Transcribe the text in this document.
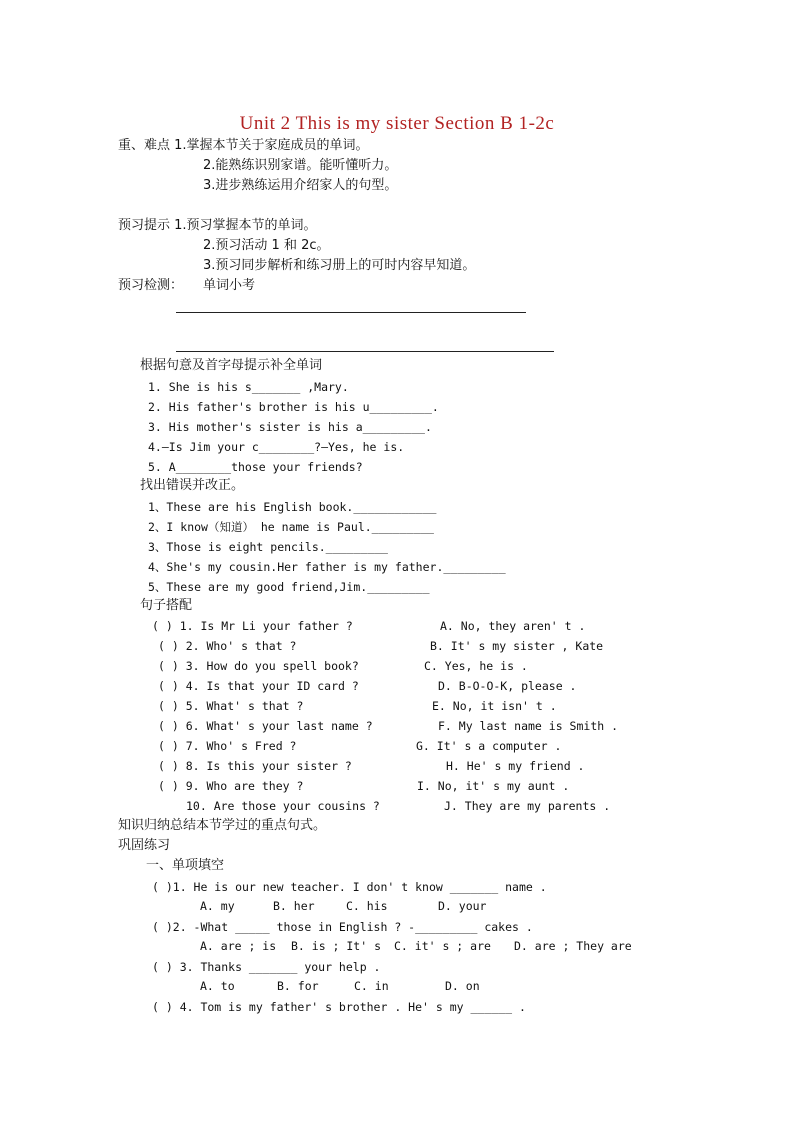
Unit 2 This is my sister Section B 1-2c
重、难点 1.掌握本节关于家庭成员的单词。
2.能熟练识别家谱。能听懂听力。
3.进步熟练运用介绍家人的句型。
预习提示 1.预习掌握本节的单词。
2.预习活动 1 和 2c。
3.预习同步解析和练习册上的可时内容早知道。
预习检测： 单词小考
根据句意及首字母提示补全单词
1. She is his s_______ ,Mary.
2. His father's brother is his u_________.
3. His mother's sister is his a_________.
4.—Is Jim your c________?—Yes, he is.
5. A________those your friends?
找出错误并改正。
1、These are his English book.____________
2、I know（知道） he name is Paul._________
3、Those is eight pencils._________
4、She's my cousin.Her father is my father._________
5、These are my good friend,Jim._________
句子搭配
( ) 1. Is Mr Li your father ?	A. No, they aren' t .
( ) 2. Who' s that ?	B. It' s my sister , Kate
( ) 3. How do you spell book?	C. Yes, he is .
( ) 4. Is that your ID card ?	D. B-O-O-K, please .
( ) 5. What' s that ?	E. No, it isn' t .
( ) 6. What' s your last name ?	F. My last name is Smith .
( ) 7. Who' s Fred ?	G. It' s a computer .
( ) 8. Is this your sister ?	H. He' s my friend .
( ) 9. Who are they ?	I. No, it' s my aunt .
10. Are those your cousins ?	J. They are my parents .
知识归纳总结本节学过的重点句式。
巩固练习
一、单项填空
( )1. He is our new teacher. I don' t know _______ name .
A. my	B. her	C. his	D. your
( )2. -What _____ those in English ? -_________ cakes .
A. are ; is B. is ; It' s C. it' s ; are D. are ; They are
( ) 3. Thanks _______ your help .
A. to	B. for	C. in	D. on
( ) 4. Tom is my father' s brother . He' s my ______ .
